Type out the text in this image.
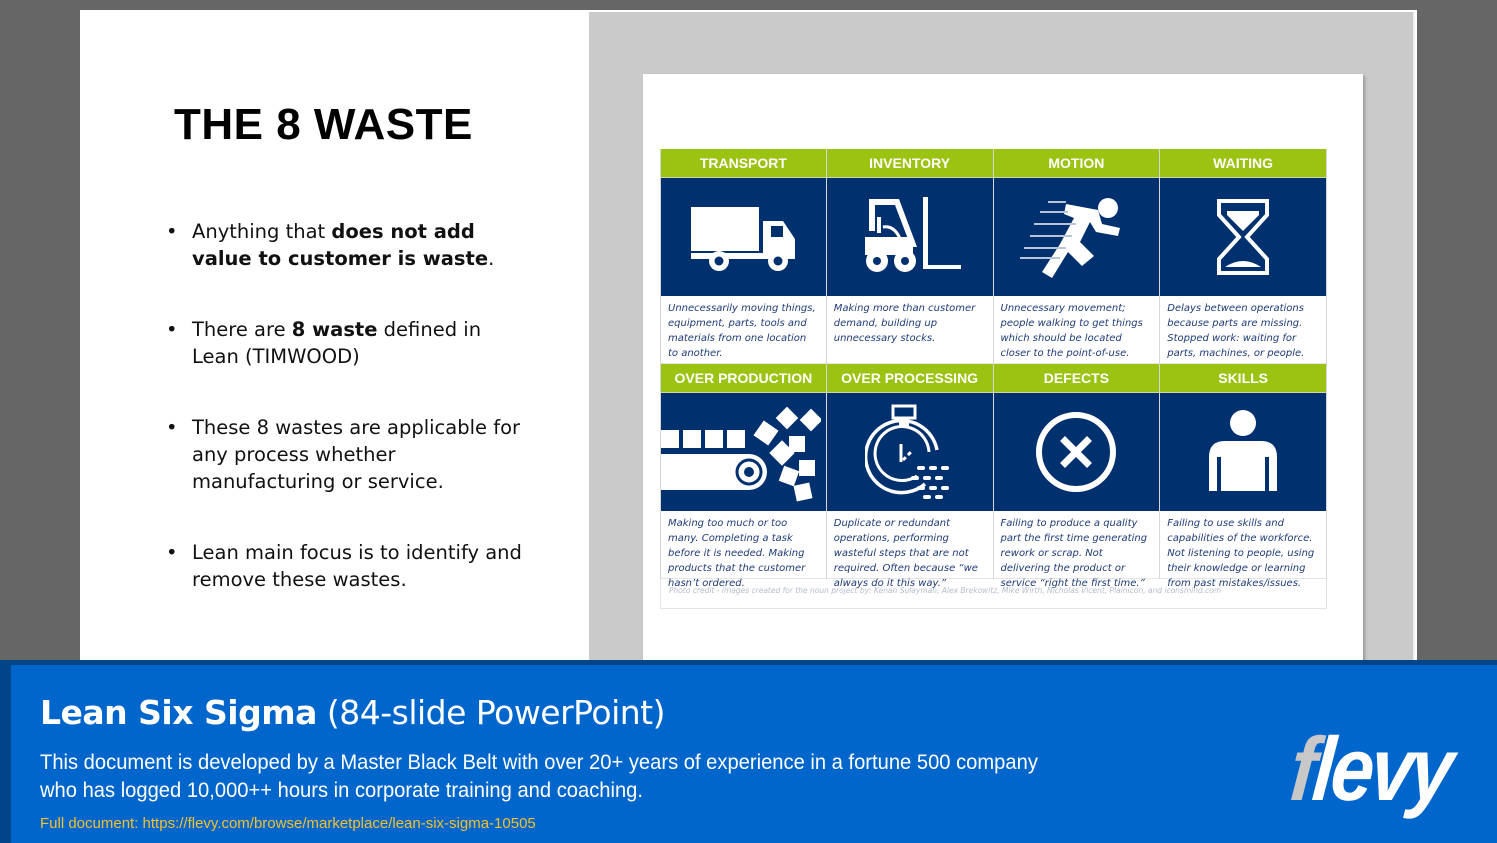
THE 8 WASTE
• Anything that does not add value to customer is waste.
• There are 8 waste defined in Lean (TIMWOOD)
• These 8 wastes are applicable for any process whether manufacturing or service.
• Lean main focus is to identify and remove these wastes.
TRANSPORT
Unnecessarily moving things, equipment, parts, tools and materials from one location to another.
INVENTORY
Making more than customer demand, building up unnecessary stocks.
MOTION
Unnecessary movement; people walking to get things which should be located closer to the point-of-use.
WAITING
Delays between operations because parts are missing. Stopped work: waiting for parts, machines, or people.
OVER PRODUCTION
Making too much or too many. Completing a task before it is needed. Making products that the customer hasn’t ordered.
OVER PROCESSING
Duplicate or redundant operations, performing wasteful steps that are not required. Often because “we always do it this way.”
DEFECTS
Failing to produce a quality part the first time generating rework or scrap. Not delivering the product or service “right the first time.”
SKILLS
Failing to use skills and capabilities of the workforce. Not listening to people, using their knowledge or learning from past mistakes/issues.
Photo credit - images created for the noun project by: Kenan Sulayman, Alex Brekowitz, Mike Wirth, Nicholas Vicent, Plainicon, and iconsmind.com
Lean Six Sigma (84-slide PowerPoint)
This document is developed by a Master Black Belt with over 20+ years of experience in a fortune 500 company who has logged 10,000++ hours in corporate training and coaching.
Full document: https://flevy.com/browse/marketplace/lean-six-sigma-10505
flevy
